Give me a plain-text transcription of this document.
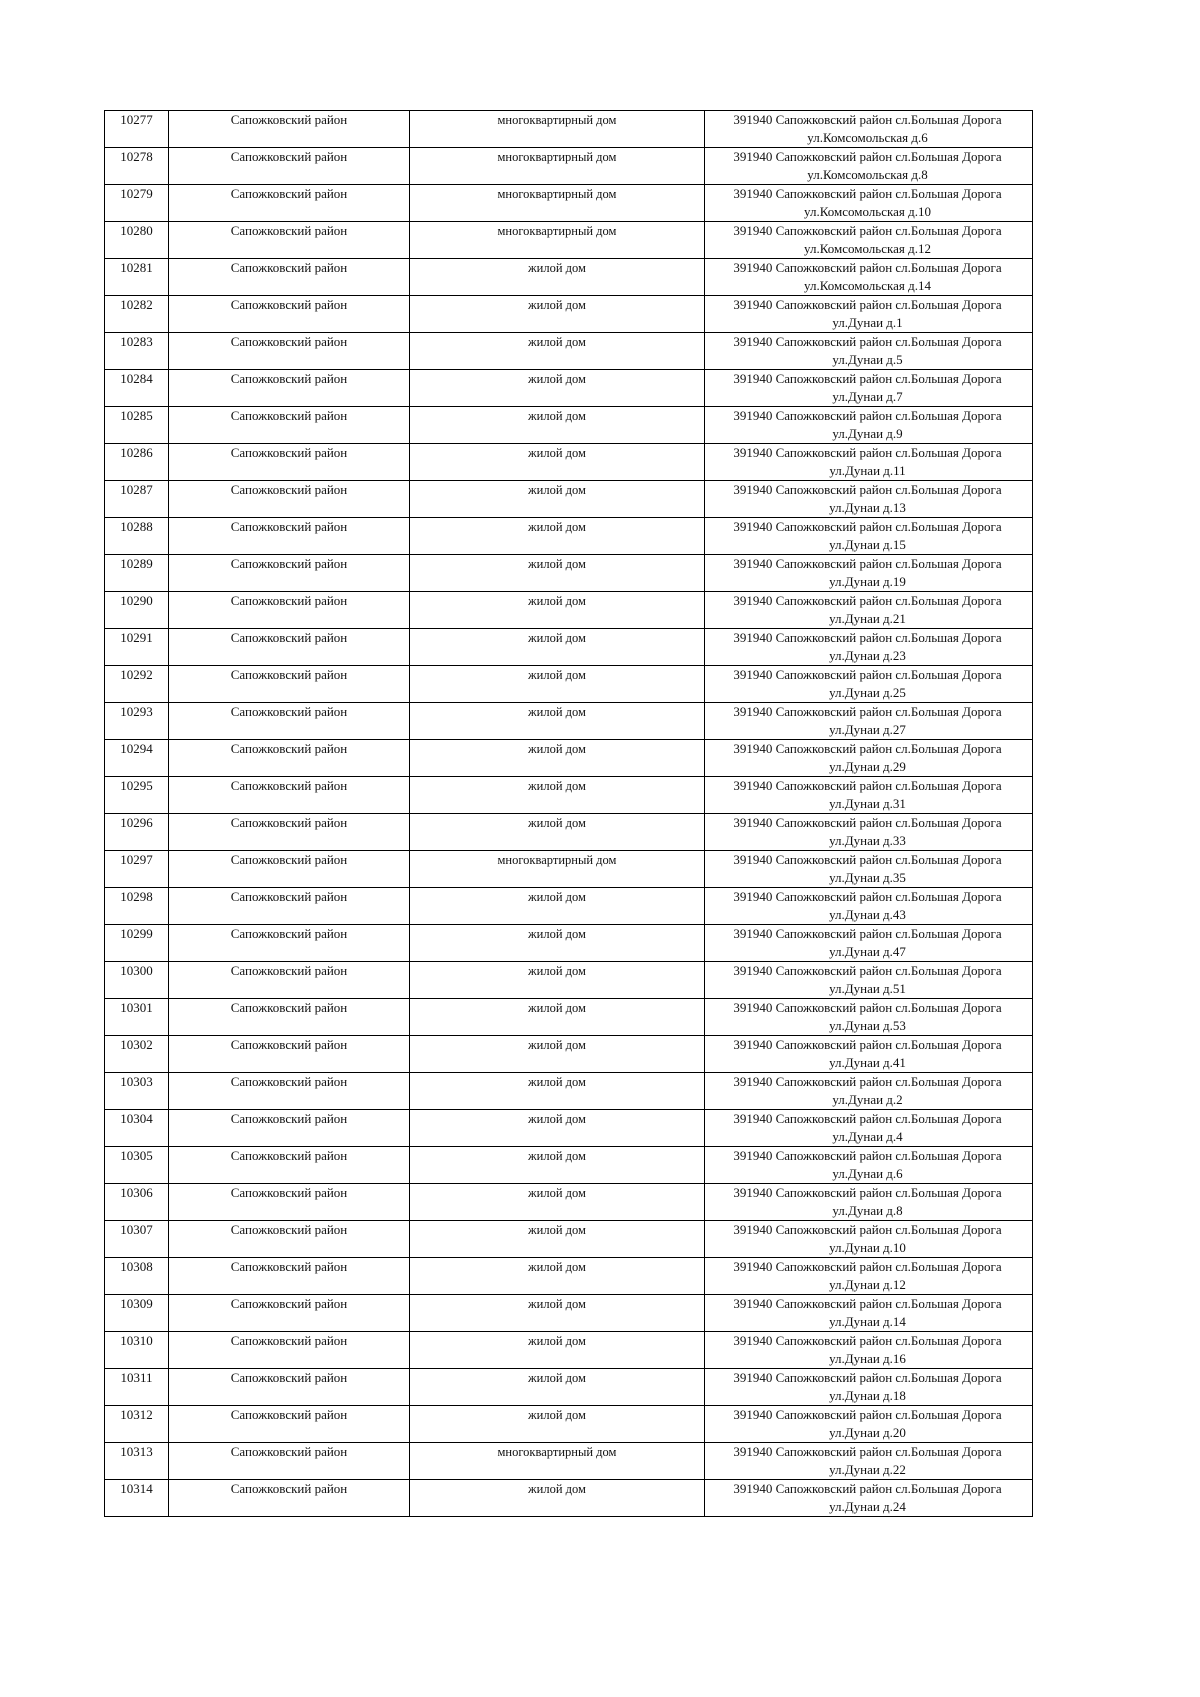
10277	Сапожковский район	многоквартирный дом	391940 Сапожковский район сл.Большая Дорога
ул.Комсомольская д.6

10278	Сапожковский район	многоквартирный дом	391940 Сапожковский район сл.Большая Дорога
ул.Комсомольская д.8

10279	Сапожковский район	многоквартирный дом	391940 Сапожковский район сл.Большая Дорога
ул.Комсомольская д.10

10280	Сапожковский район	многоквартирный дом	391940 Сапожковский район сл.Большая Дорога
ул.Комсомольская д.12

10281	Сапожковский район	жилой дом	391940 Сапожковский район сл.Большая Дорога
ул.Комсомольская д.14

10282	Сапожковский район	жилой дом	391940 Сапожковский район сл.Большая Дорога
ул.Дунаи д.1

10283	Сапожковский район	жилой дом	391940 Сапожковский район сл.Большая Дорога
ул.Дунаи д.5

10284	Сапожковский район	жилой дом	391940 Сапожковский район сл.Большая Дорога
ул.Дунаи д.7

10285	Сапожковский район	жилой дом	391940 Сапожковский район сл.Большая Дорога
ул.Дунаи д.9

10286	Сапожковский район	жилой дом	391940 Сапожковский район сл.Большая Дорога
ул.Дунаи д.11

10287	Сапожковский район	жилой дом	391940 Сапожковский район сл.Большая Дорога
ул.Дунаи д.13

10288	Сапожковский район	жилой дом	391940 Сапожковский район сл.Большая Дорога
ул.Дунаи д.15

10289	Сапожковский район	жилой дом	391940 Сапожковский район сл.Большая Дорога
ул.Дунаи д.19

10290	Сапожковский район	жилой дом	391940 Сапожковский район сл.Большая Дорога
ул.Дунаи д.21

10291	Сапожковский район	жилой дом	391940 Сапожковский район сл.Большая Дорога
ул.Дунаи д.23

10292	Сапожковский район	жилой дом	391940 Сапожковский район сл.Большая Дорога
ул.Дунаи д.25

10293	Сапожковский район	жилой дом	391940 Сапожковский район сл.Большая Дорога
ул.Дунаи д.27

10294	Сапожковский район	жилой дом	391940 Сапожковский район сл.Большая Дорога
ул.Дунаи д.29

10295	Сапожковский район	жилой дом	391940 Сапожковский район сл.Большая Дорога
ул.Дунаи д.31

10296	Сапожковский район	жилой дом	391940 Сапожковский район сл.Большая Дорога
ул.Дунаи д.33

10297	Сапожковский район	многоквартирный дом	391940 Сапожковский район сл.Большая Дорога
ул.Дунаи д.35

10298	Сапожковский район	жилой дом	391940 Сапожковский район сл.Большая Дорога
ул.Дунаи д.43

10299	Сапожковский район	жилой дом	391940 Сапожковский район сл.Большая Дорога
ул.Дунаи д.47

10300	Сапожковский район	жилой дом	391940 Сапожковский район сл.Большая Дорога
ул.Дунаи д.51

10301	Сапожковский район	жилой дом	391940 Сапожковский район сл.Большая Дорога
ул.Дунаи д.53

10302	Сапожковский район	жилой дом	391940 Сапожковский район сл.Большая Дорога
ул.Дунаи д.41

10303	Сапожковский район	жилой дом	391940 Сапожковский район сл.Большая Дорога
ул.Дунаи д.2

10304	Сапожковский район	жилой дом	391940 Сапожковский район сл.Большая Дорога
ул.Дунаи д.4

10305	Сапожковский район	жилой дом	391940 Сапожковский район сл.Большая Дорога
ул.Дунаи д.6

10306	Сапожковский район	жилой дом	391940 Сапожковский район сл.Большая Дорога
ул.Дунаи д.8

10307	Сапожковский район	жилой дом	391940 Сапожковский район сл.Большая Дорога
ул.Дунаи д.10

10308	Сапожковский район	жилой дом	391940 Сапожковский район сл.Большая Дорога
ул.Дунаи д.12

10309	Сапожковский район	жилой дом	391940 Сапожковский район сл.Большая Дорога
ул.Дунаи д.14

10310	Сапожковский район	жилой дом	391940 Сапожковский район сл.Большая Дорога
ул.Дунаи д.16

10311	Сапожковский район	жилой дом	391940 Сапожковский район сл.Большая Дорога
ул.Дунаи д.18

10312	Сапожковский район	жилой дом	391940 Сапожковский район сл.Большая Дорога
ул.Дунаи д.20

10313	Сапожковский район	многоквартирный дом	391940 Сапожковский район сл.Большая Дорога
ул.Дунаи д.22

10314	Сапожковский район	жилой дом	391940 Сапожковский район сл.Большая Дорога
ул.Дунаи д.24
